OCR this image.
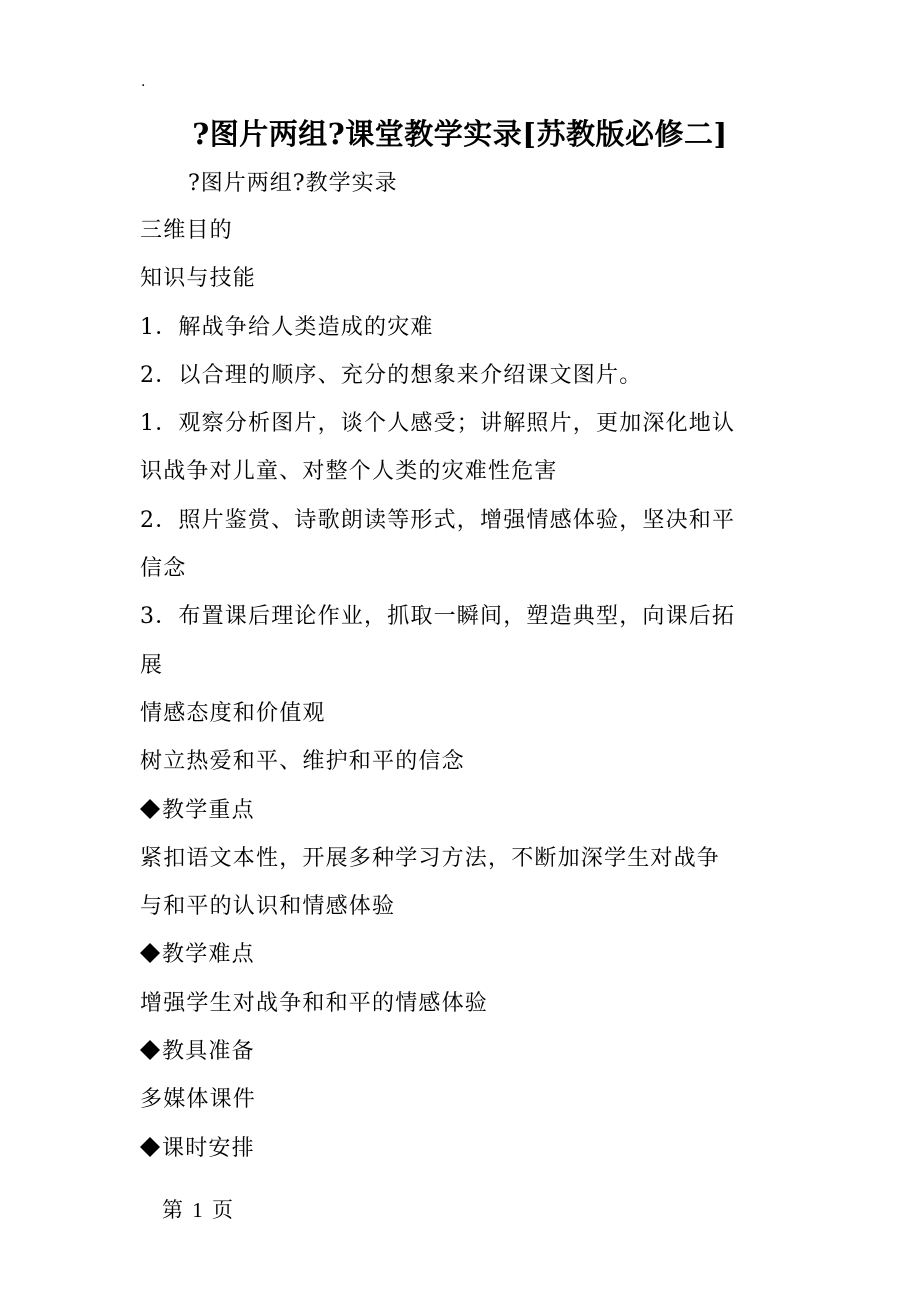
.
?图片两组?课堂教学实录[苏教版必修二]
?图片两组?教学实录
三维目的
知识与技能
1．解战争给人类造成的灾难
2．以合理的顺序、充分的想象来介绍课文图片。
1．观察分析图片，谈个人感受；讲解照片，更加深化地认
识战争对儿童、对整个人类的灾难性危害
2．照片鉴赏、诗歌朗读等形式，增强情感体验，坚决和平
信念
3．布置课后理论作业，抓取一瞬间，塑造典型，向课后拓
展
情感态度和价值观
树立热爱和平、维护和平的信念
教学重点
紧扣语文本性，开展多种学习方法，不断加深学生对战争
与和平的认识和情感体验
教学难点
增强学生对战争和和平的情感体验
教具准备
多媒体课件
课时安排
第 1 页
